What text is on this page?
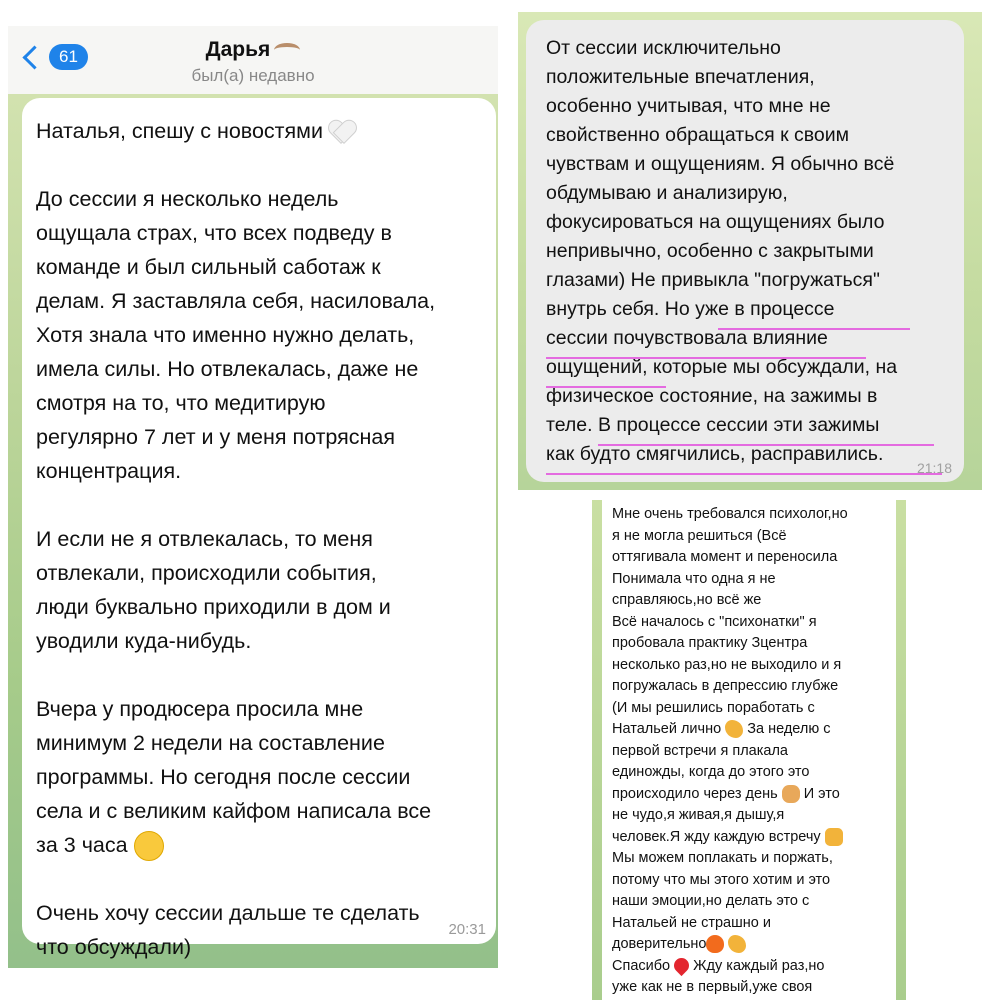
61	Дарья
был(а) недавно
Наталья, спешу с новостями

До сессии я несколько недель
ощущала страх, что всех подведу в
команде и был сильный саботаж к
делам. Я заставляла себя, насиловала,
Хотя знала что именно нужно делать,
имела силы. Но отвлекалась, даже не
смотря на то, что медитирую
регулярно 7 лет и у меня потрясная
концентрация.

И если не я отвлекалась, то меня
отвлекали, происходили события,
люди буквально приходили в дом и
уводили куда-нибудь.

Вчера у продюсера просила мне
минимум 2 недели на составление
программы. Но сегодня после сессии
села и с великим кайфом написала все
за 3 часа

Очень хочу сессии дальше те сделать
что обсуждали)
20:31
От сессии исключительно
положительные впечатления,
особенно учитывая, что мне не
свойственно обращаться к своим
чувствам и ощущениям. Я обычно всё
обдумываю и анализирую,
фокусироваться на ощущениях было
непривычно, особенно с закрытыми
глазами) Не привыкла "погружаться"
внутрь себя. Но уже в процессе
сессии почувствовала влияние
ощущений, которые мы обсуждали, на
физическое состояние, на зажимы в
теле. В процессе сессии эти зажимы
как будто смягчились, расправились.
21:18
Мне очень требовался психолог,но
я не могла решиться (Всё
оттягивала момент и переносила
Понимала что одна я не
справляюсь,но всё же
Всё началось с "психонатки" я
пробовала практику Зцентра
несколько раз,но не выходило и я
погружалась в депрессию глубже
(И мы решились поработать с
Натальей лично За неделю с
первой встречи я плакала
единожды, когда до этого это
происходило через день И это
не чудо,я живая,я дышу,я
человек.Я жду каждую встречу
Мы можем поплакать и поржать,
потому что мы этого хотим и это
наши эмоции,но делать это с
Натальей не страшно и
доверительно
Спасибо Жду каждый раз,но
уже как не в первый,уже своя
